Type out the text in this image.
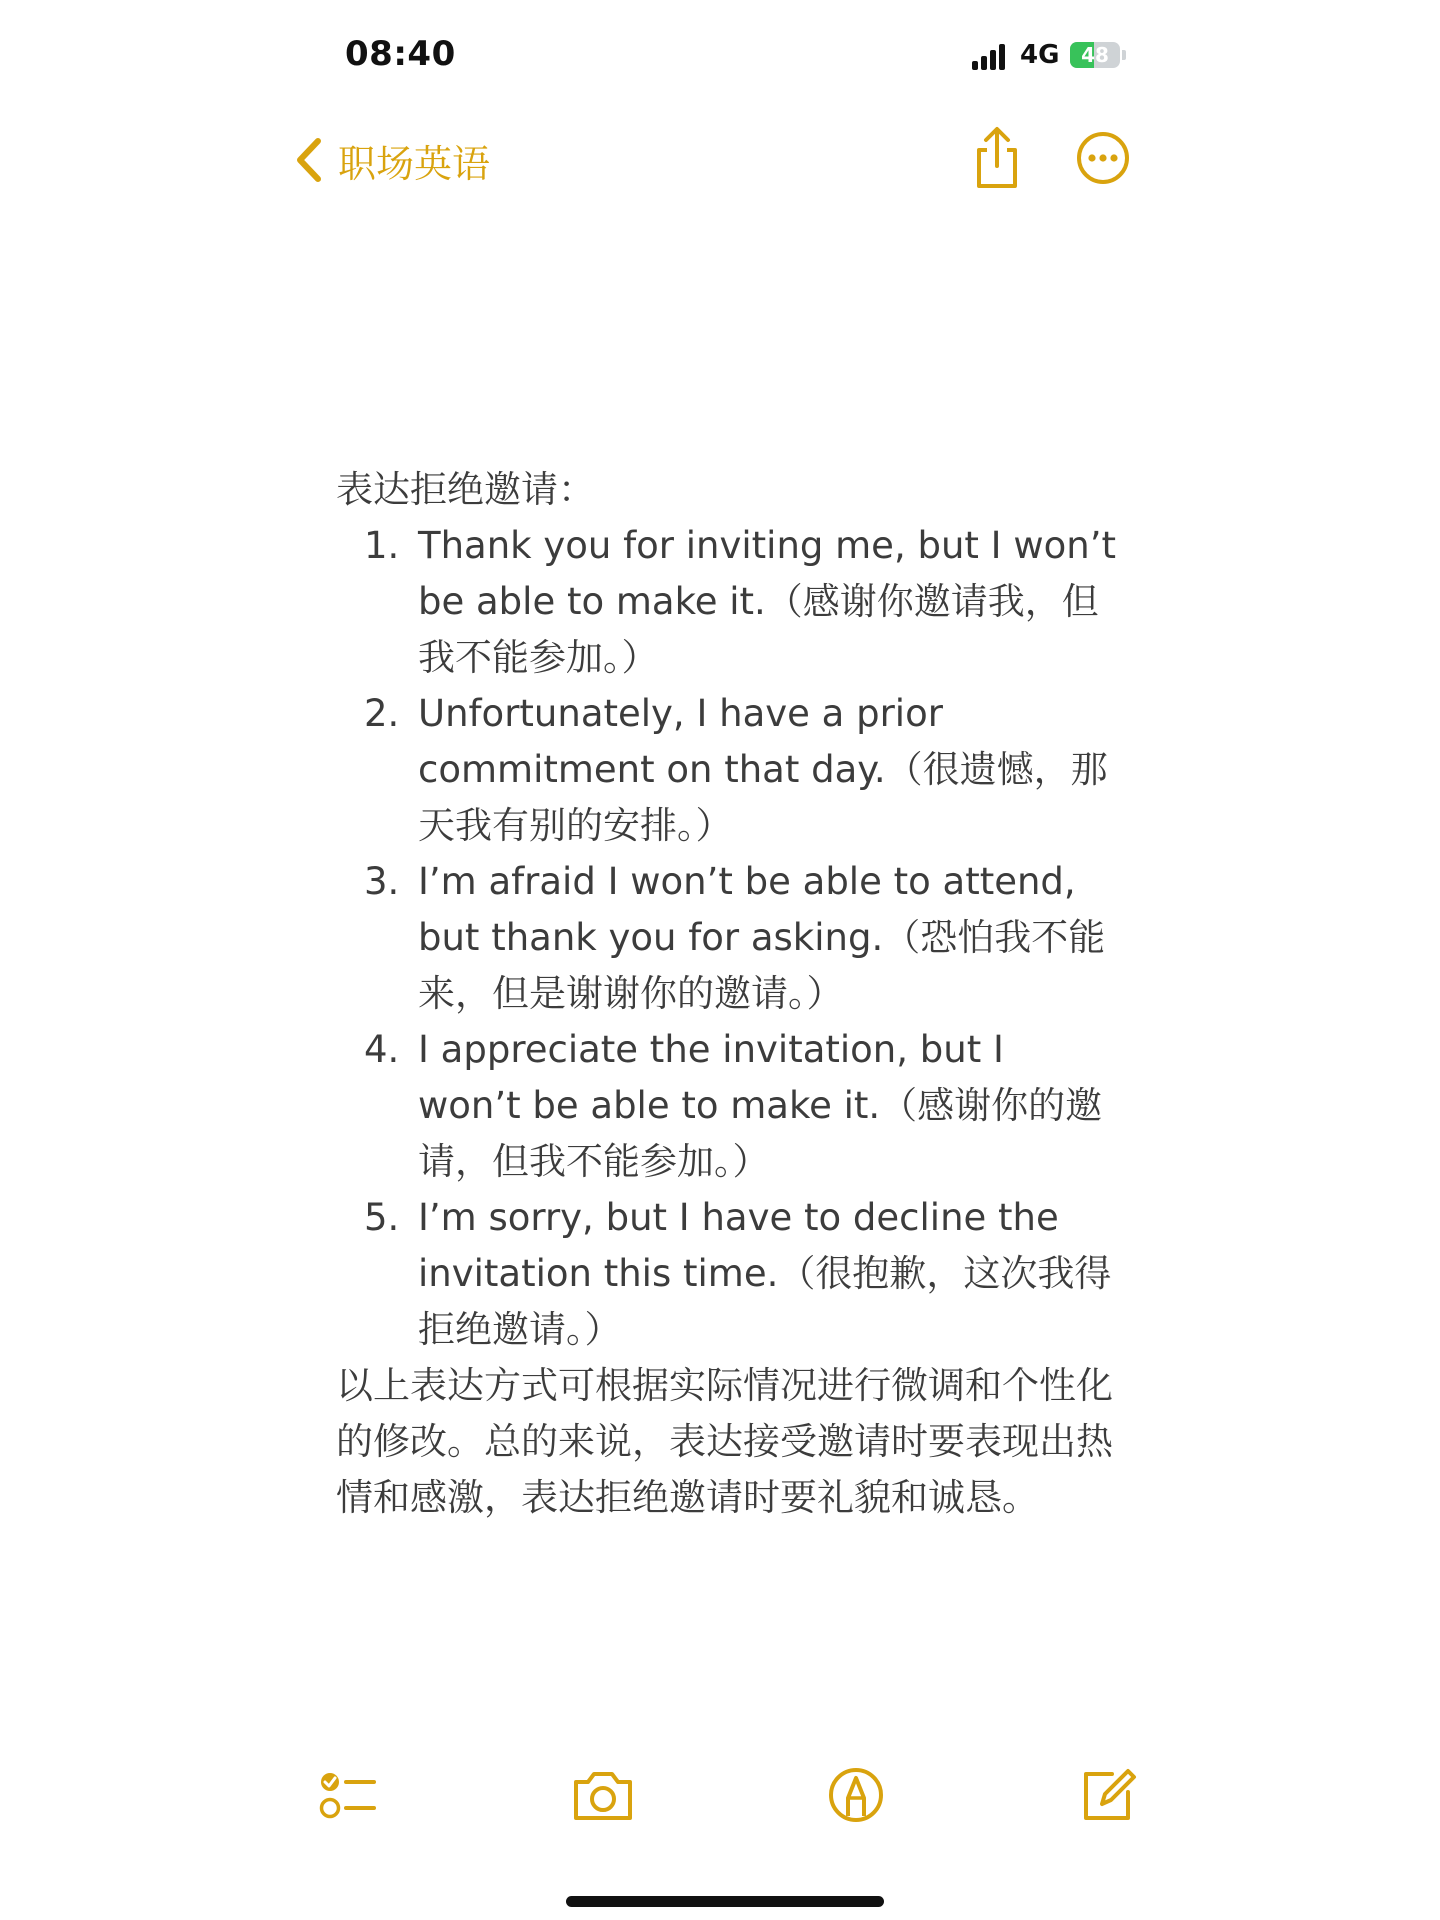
08:40	4G	48
职场英语

表达拒绝邀请：

1. Thank you for inviting me, but I won’t be able to make it.（感谢你邀请我，但我不能参加。）
2. Unfortunately, I have a prior commitment on that day.（很遗憾，那天我有别的安排。）
3. I’m afraid I won’t be able to attend, but thank you for asking.（恐怕我不能来，但是谢谢你的邀请。）
4. I appreciate the invitation, but I won’t be able to make it.（感谢你的邀请，但我不能参加。）
5. I’m sorry, but I have to decline the invitation this time.（很抱歉，这次我得拒绝邀请。）

以上表达方式可根据实际情况进行微调和个性化的修改。总的来说，表达接受邀请时要表现出热情和感激，表达拒绝邀请时要礼貌和诚恳。
